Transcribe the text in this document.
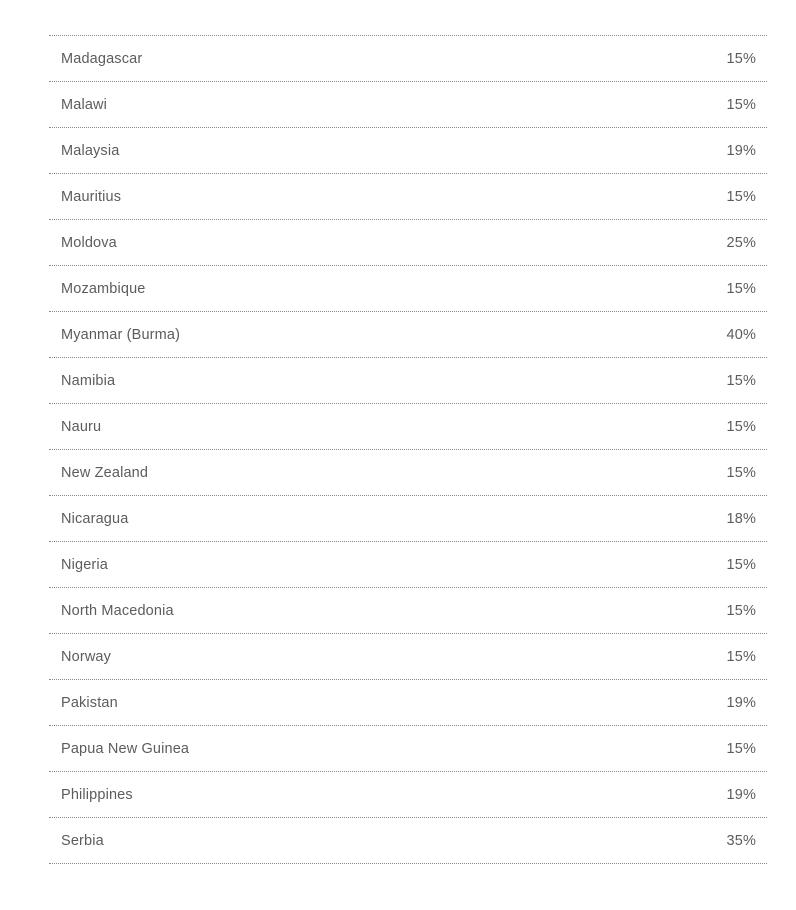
Madagascar	15%
Malawi	15%
Malaysia	19%
Mauritius	15%
Moldova	25%
Mozambique	15%
Myanmar (Burma)	40%
Namibia	15%
Nauru	15%
New Zealand	15%
Nicaragua	18%
Nigeria	15%
North Macedonia	15%
Norway	15%
Pakistan	19%
Papua New Guinea	15%
Philippines	19%
Serbia	35%
